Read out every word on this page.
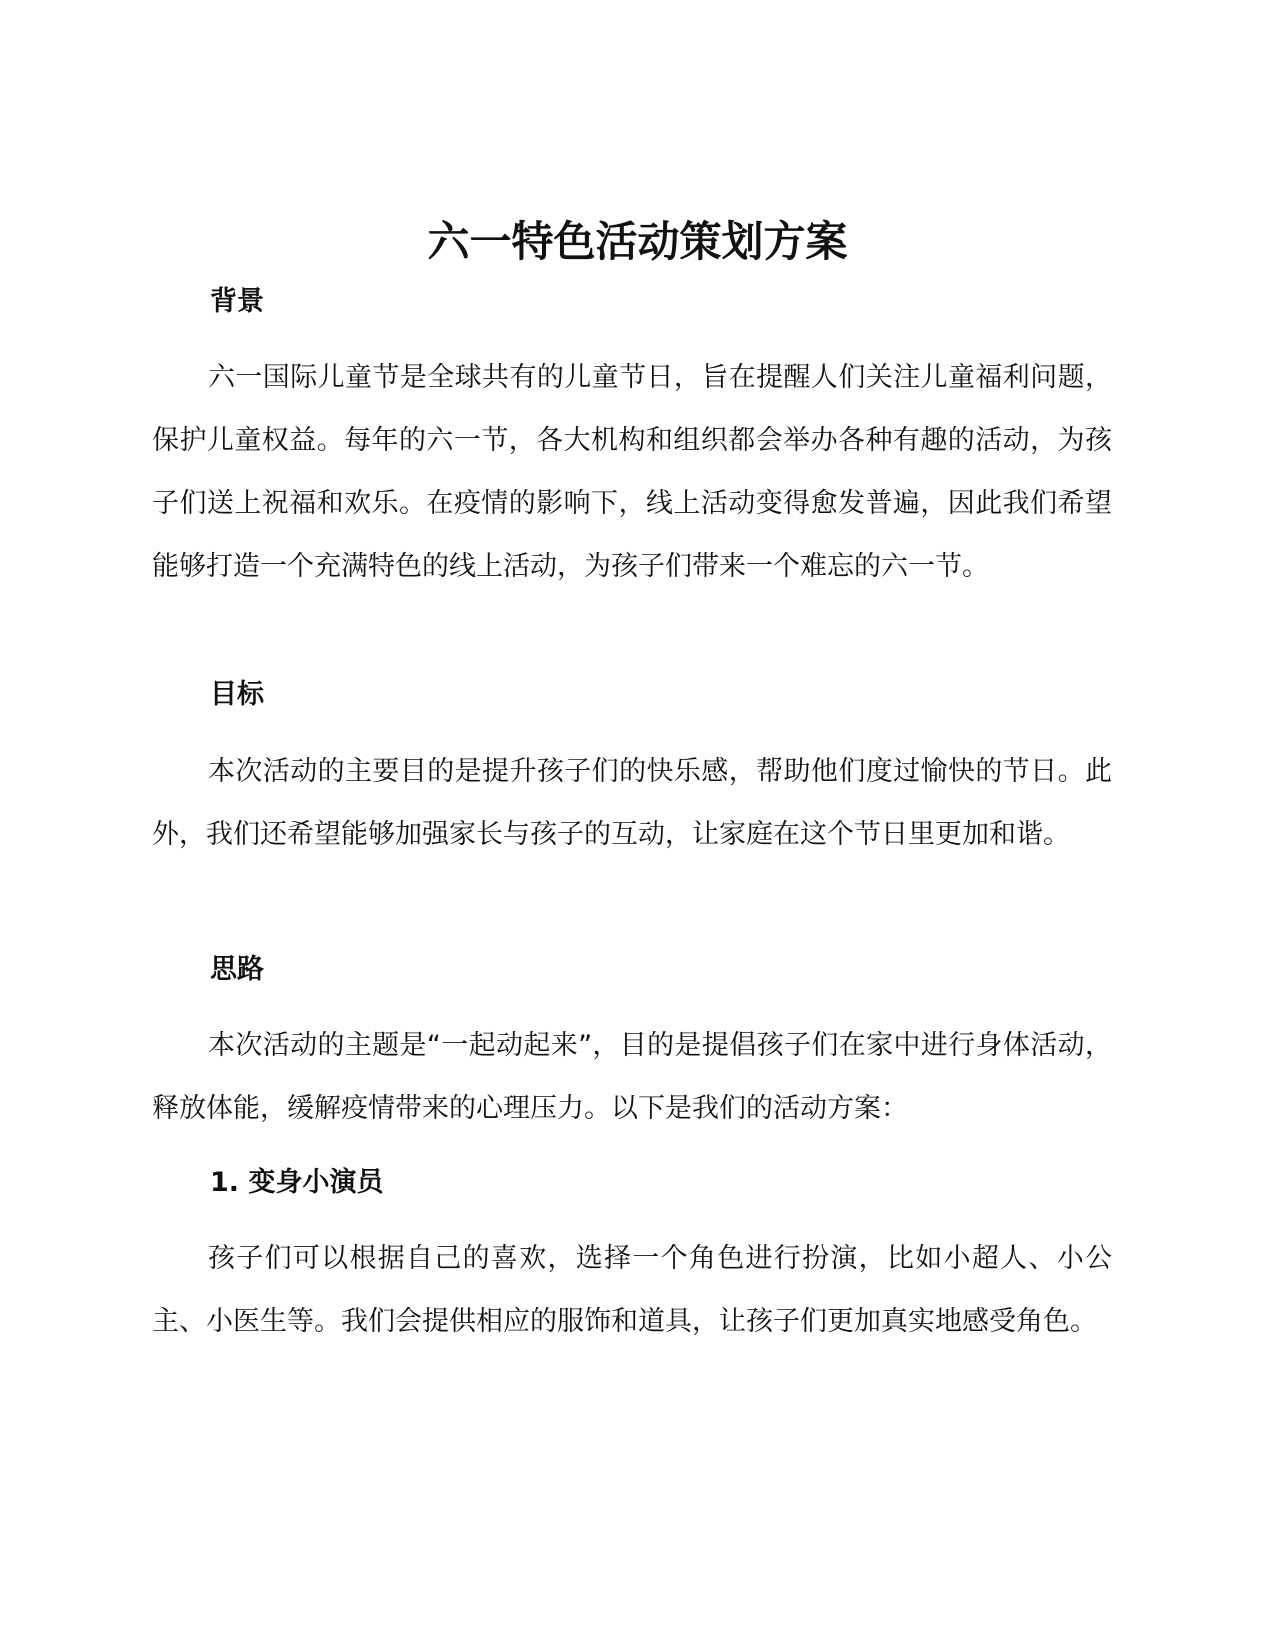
六一特色活动策划方案
背景
六一国际儿童节是全球共有的儿童节日，旨在提醒人们关注儿童福利问题，保护儿童权益。每年的六一节，各大机构和组织都会举办各种有趣的活动，为孩子们送上祝福和欢乐。在疫情的影响下，线上活动变得愈发普遍，因此我们希望能够打造一个充满特色的线上活动，为孩子们带来一个难忘的六一节。
目标
本次活动的主要目的是提升孩子们的快乐感，帮助他们度过愉快的节日。此外，我们还希望能够加强家长与孩子的互动，让家庭在这个节日里更加和谐。
思路
本次活动的主题是“一起动起来”，目的是提倡孩子们在家中进行身体活动，释放体能，缓解疫情带来的心理压力。以下是我们的活动方案：
1. 变身小演员
孩子们可以根据自己的喜欢，选择一个角色进行扮演，比如小超人、小公主、小医生等。我们会提供相应的服饰和道具，让孩子们更加真实地感受角色。
